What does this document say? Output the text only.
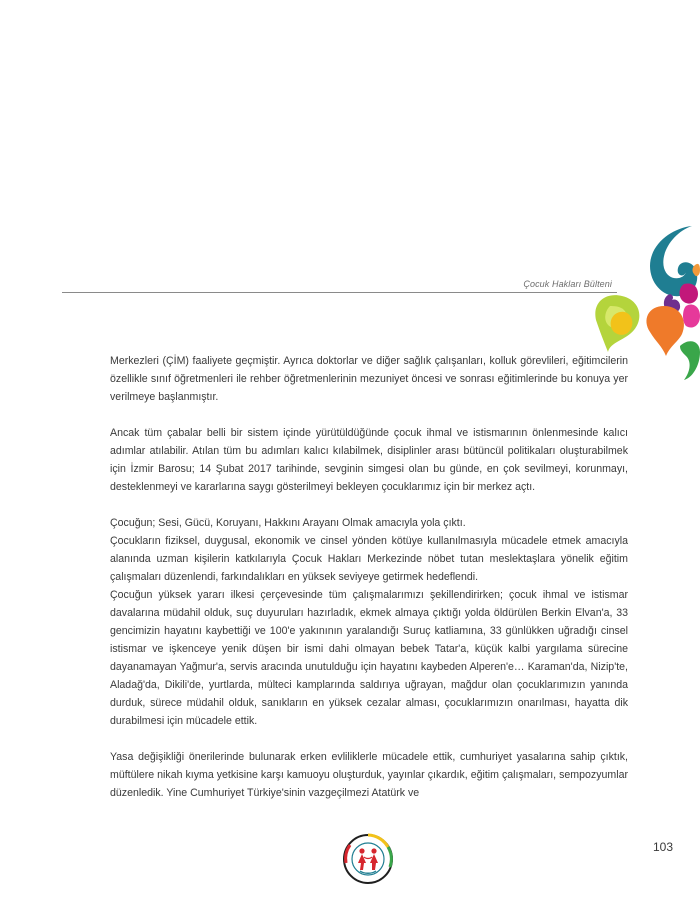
Çocuk Hakları Bülteni

Merkezleri (ÇİM) faaliyete geçmiştir. Ayrıca doktorlar ve diğer sağlık çalışanları, kolluk görevlileri, eğitimcilerin özellikle sınıf öğretmenleri ile rehber öğretmenlerinin mezuniyet öncesi ve sonrası eğitimlerinde bu konuya yer verilmeye başlanmıştır.

Ancak tüm çabalar belli bir sistem içinde yürütüldüğünde çocuk ihmal ve istismarının önlenmesinde kalıcı adımlar atılabilir. Atılan tüm bu adımları kalıcı kılabilmek, disiplinler arası bütüncül politikaları oluşturabilmek için İzmir Barosu; 14 Şubat 2017 tarihinde, sevginin simgesi olan bu günde, en çok sevilmeyi, korunmayı, desteklenmeyi ve kararlarına saygı gösterilmeyi bekleyen çocuklarımız için bir merkez açtı.

Çocuğun; Sesi, Gücü, Koruyanı, Hakkını Arayanı Olmak amacıyla yola çıktı.

Çocukların fiziksel, duygusal, ekonomik ve cinsel yönden kötüye kullanılmasıyla mücadele etmek amacıyla alanında uzman kişilerin katkılarıyla Çocuk Hakları Merkezinde nöbet tutan meslektaşlara yönelik eğitim çalışmaları düzenlendi, farkındalıkları en yüksek seviyeye getirmek hedeflendi.

Çocuğun yüksek yararı ilkesi çerçevesinde tüm çalışmalarımızı şekillendirirken; çocuk ihmal ve istismar davalarına müdahil olduk, suç duyuruları hazırladık, ekmek almaya çıktığı yolda öldürülen Berkin Elvan'a, 33 gencimizin hayatını kaybettiği ve 100'e yakınının yaralandığı Suruç katliamına, 33 günlükken uğradığı cinsel istismar ve işkenceye yenik düşen bir ismi dahi olmayan bebek Tatar'a, küçük kalbi yargılama sürecine dayanamayan Yağmur'a, servis aracında unutulduğu için hayatını kaybeden Alperen'e… Karaman'da, Nizip'te, Aladağ'da, Dikili'de, yurtlarda, mülteci kamplarında saldırıya uğrayan, mağdur olan çocuklarımızın yanında durduk, sürece müdahil olduk, sanıkların en yüksek cezalar alması, çocuklarımızın onarılması, hayatta dik durabilmesi için mücadele ettik.

Yasa değişikliği önerilerinde bulunarak erken evliliklerle mücadele ettik, cumhuriyet yasalarına sahip çıktık, müftülere nikah kıyma yetkisine karşı kamuoyu oluşturduk, yayınlar çıkardık, eğitim çalışmaları, sempozyumlar düzenledik. Yine Cumhuriyet Türkiye'sinin vazgeçilmezi Atatürk ve

103
